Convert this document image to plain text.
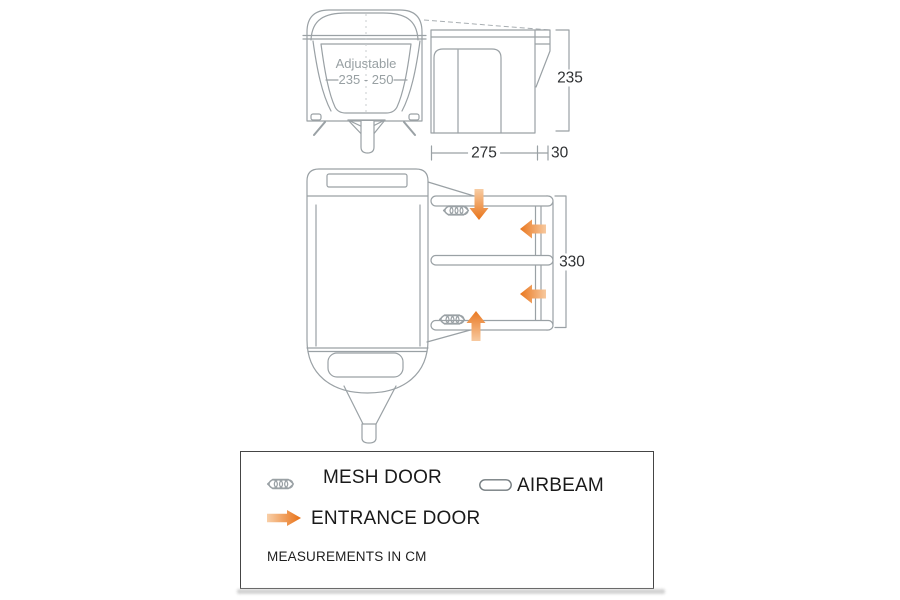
Adjustable
235 - 250	235
275	30
330
MESH DOOR	AIRBEAM
ENTRANCE DOOR
MEASUREMENTS IN CM
